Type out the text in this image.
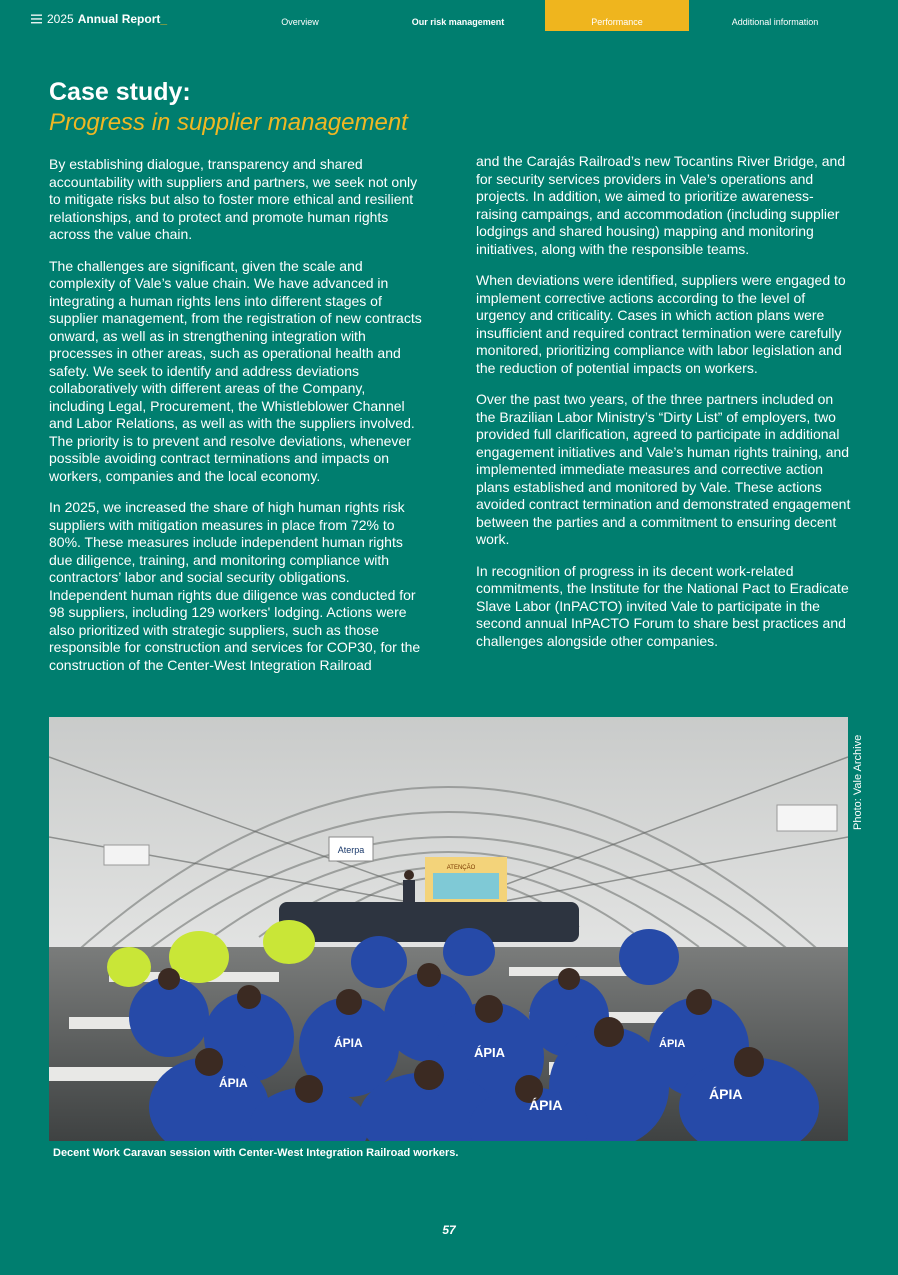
2025 Annual Report _	Overview	Our risk management	Performance	Additional information
Case study:
Progress in supplier management

By establishing dialogue, transparency and shared accountability with suppliers and partners, we seek not only to mitigate risks but also to foster more ethical and resilient relationships, and to protect and promote human rights across the value chain.

The challenges are significant, given the scale and complexity of Vale’s value chain. We have advanced in integrating a human rights lens into different stages of supplier management, from the registration of new contracts onward, as well as in strengthening integration with processes in other areas, such as operational health and safety. We seek to identify and address deviations collaboratively with different areas of the Company, including Legal, Procurement, the Whistleblower Channel and Labor Relations, as well as with the suppliers involved. The priority is to prevent and resolve deviations, whenever possible avoiding contract terminations and impacts on workers, companies and the local economy.

In 2025, we increased the share of high human rights risk suppliers with mitigation measures in place from 72% to 80%. These measures include independent human rights due diligence, training, and monitoring compliance with contractors’ labor and social security obligations. Independent human rights due diligence was conducted for 98 suppliers, including 129 workers' lodging. Actions were also prioritized with strategic suppliers, such as those responsible for construction and services for COP30, for the construction of the Center-West Integration Railroad

and the Carajás Railroad’s new Tocantins River Bridge, and for security services providers in Vale’s operations and projects. In addition, we aimed to prioritize awareness-raising campaings, and accommodation (including supplier lodgings and shared housing) mapping and monitoring initiatives, along with the responsible teams.

When deviations were identified, suppliers were engaged to implement corrective actions according to the level of urgency and criticality. Cases in which action plans were insufficient and required contract termination were carefully monitored, prioritizing compliance with labor legislation and the reduction of potential impacts on workers.

Over the past two years, of the three partners included on the Brazilian Labor Ministry’s “Dirty List” of employers, two provided full clarification, agreed to participate in additional engagement initiatives and Vale’s human rights training, and implemented immediate measures and corrective action plans established and monitored by Vale. These actions avoided contract termination and demonstrated engagement between the parties and a commitment to ensuring decent work.

In recognition of progress in its decent work-related commitments, the Institute for the National Pact to Eradicate Slave Labor (InPACTO) invited Vale to participate in the second annual InPACTO Forum to share best practices and challenges alongside other companies.

Aterpa
ATENÇÃO
ÁPIA
ÁPIA
ÁPIA
ÁPIA
ÁPIA
ÁPIA
Photo: Vale Archive
Decent Work Caravan session with Center-West Integration Railroad workers.
57
